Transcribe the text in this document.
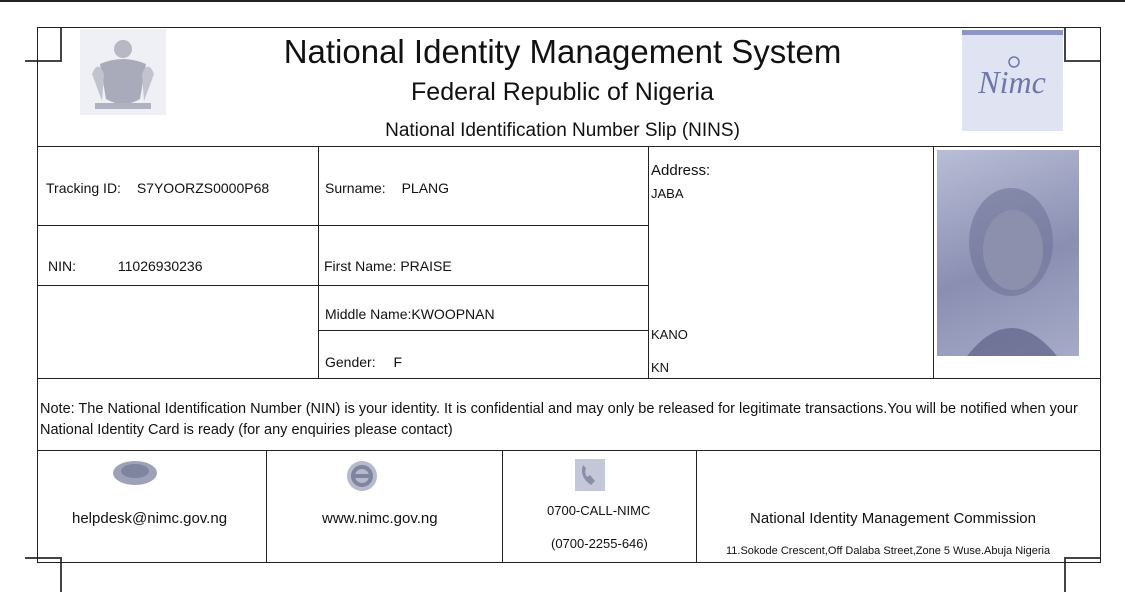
National Identity Management System
Federal Republic of Nigeria
National Identification Number Slip (NINS)
Nimc
Tracking ID: S7YOORZS0000P68
NIN:	11026930236
Surname: PLANG
First Name: PRAISE
Middle Name:KWOOPNAN
Gender: F
Address:
JABA
KANO
KN
Note: The National Identification Number (NIN) is your identity. It is confidential and may only be released for legitimate transactions.You will be notified when your National Identity Card is ready (for any enquiries please contact)
helpdesk@nimc.gov.ng	www.nimc.gov.ng	0700-CALL-NIMC
(0700-2255-646)
National Identity Management Commission
11.Sokode Crescent,Off Dalaba Street,Zone 5 Wuse.Abuja Nigeria
